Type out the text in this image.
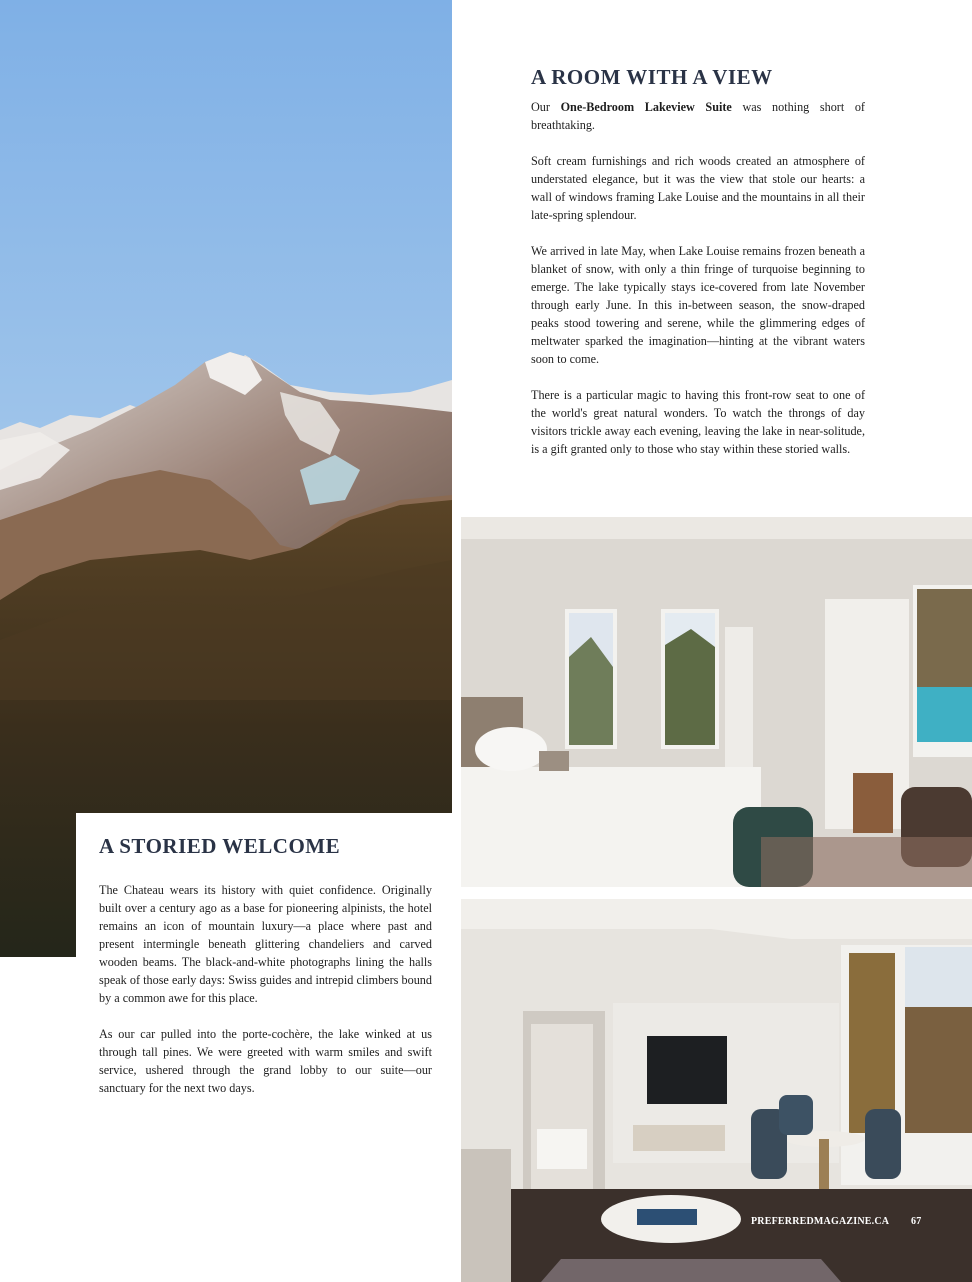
A ROOM WITH A VIEW

Our One-Bedroom Lakeview Suite was nothing short of breathtaking.

Soft cream furnishings and rich woods created an atmosphere of understated elegance, but it was the view that stole our hearts: a wall of windows framing Lake Louise and the mountains in all their late-spring splendour.

We arrived in late May, when Lake Louise remains frozen beneath a blanket of snow, with only a thin fringe of turquoise beginning to emerge. The lake typically stays ice-covered from late November through early June. In this in-between season, the snow-draped peaks stood towering and serene, while the glimmering edges of meltwater sparked the imagination—hinting at the vibrant waters soon to come.

There is a particular magic to having this front-row seat to one of the world's great natural wonders. To watch the throngs of day visitors trickle away each evening, leaving the lake in near-solitude, is a gift granted only to those who stay within these storied walls.

A STORIED WELCOME

The Chateau wears its history with quiet confidence. Originally built over a century ago as a base for pioneering alpinists, the hotel remains an icon of mountain luxury—a place where past and present intermingle beneath glittering chandeliers and carved wooden beams. The black-and-white photographs lining the halls speak of those early days: Swiss guides and intrepid climbers bound by a common awe for this place.

As our car pulled into the porte-cochère, the lake winked at us through tall pines. We were greeted with warm smiles and swift service, ushered through the grand lobby to our suite—our sanctuary for the next two days.

PREFERREDMAGAZINE.CA 67
